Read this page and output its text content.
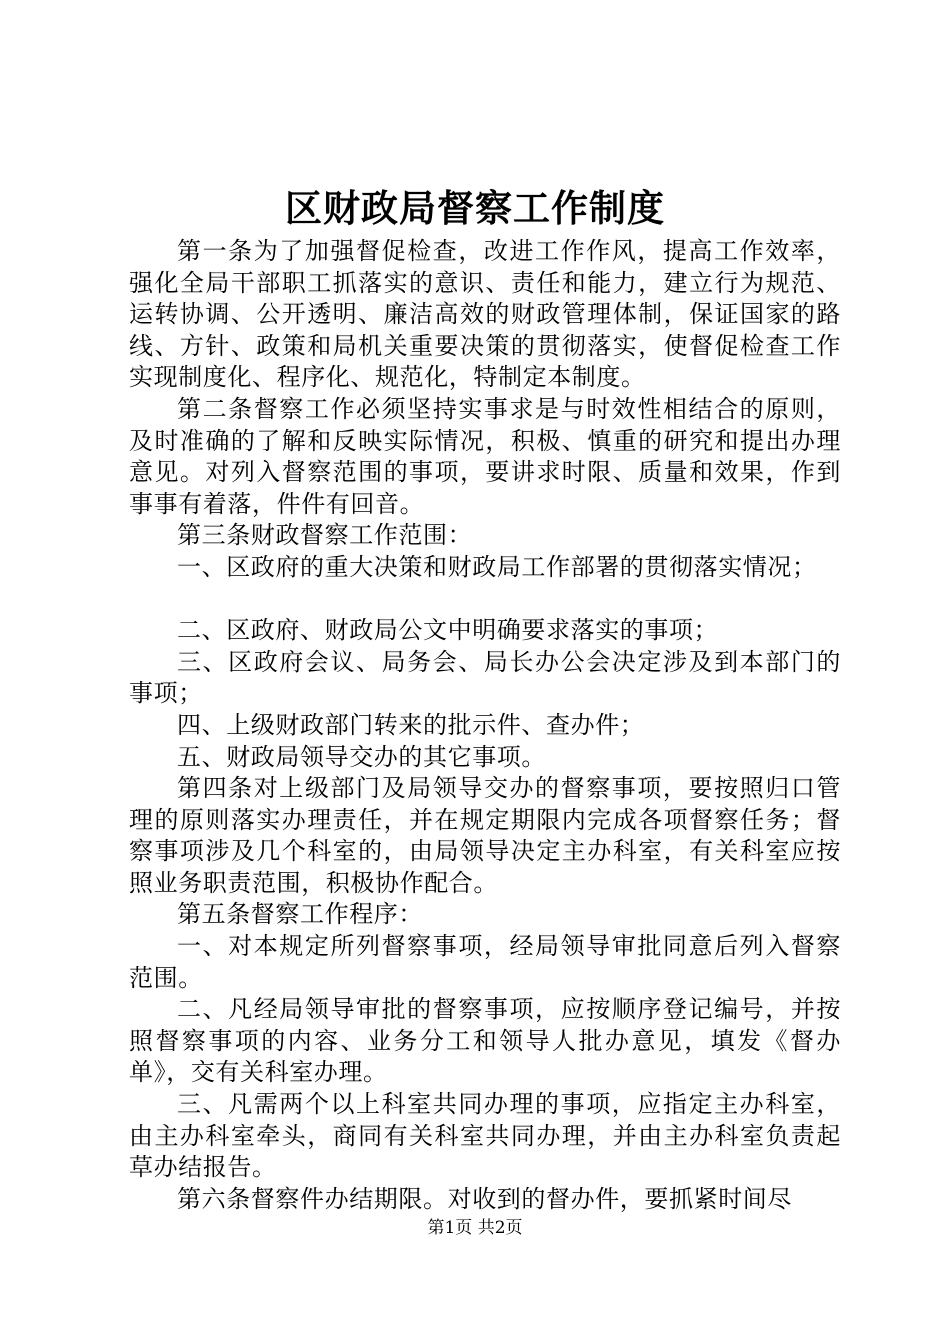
区财政局督察工作制度

第一条为了加强督促检查，改进工作作风，提高工作效率，强化全局干部职工抓落实的意识、责任和能力，建立行为规范、运转协调、公开透明、廉洁高效的财政管理体制，保证国家的路线、方针、政策和局机关重要决策的贯彻落实，使督促检查工作实现制度化、程序化、规范化，特制定本制度。

第二条督察工作必须坚持实事求是与时效性相结合的原则，及时准确的了解和反映实际情况，积极、慎重的研究和提出办理意见。对列入督察范围的事项，要讲求时限、质量和效果，作到事事有着落，件件有回音。

第三条财政督察工作范围：

一、区政府的重大决策和财政局工作部署的贯彻落实情况；

二、区政府、财政局公文中明确要求落实的事项；

三、区政府会议、局务会、局长办公会决定涉及到本部门的事项；

四、上级财政部门转来的批示件、查办件；

五、财政局领导交办的其它事项。

第四条对上级部门及局领导交办的督察事项，要按照归口管理的原则落实办理责任，并在规定期限内完成各项督察任务；督察事项涉及几个科室的，由局领导决定主办科室，有关科室应按照业务职责范围，积极协作配合。

第五条督察工作程序：

一、对本规定所列督察事项，经局领导审批同意后列入督察范围。

二、凡经局领导审批的督察事项，应按顺序登记编号，并按照督察事项的内容、业务分工和领导人批办意见，填发《督办单》，交有关科室办理。

三、凡需两个以上科室共同办理的事项，应指定主办科室，由主办科室牵头，商同有关科室共同办理，并由主办科室负责起草办结报告。

第六条督察件办结期限。对收到的督办件，要抓紧时间尽

第1页 共2页
